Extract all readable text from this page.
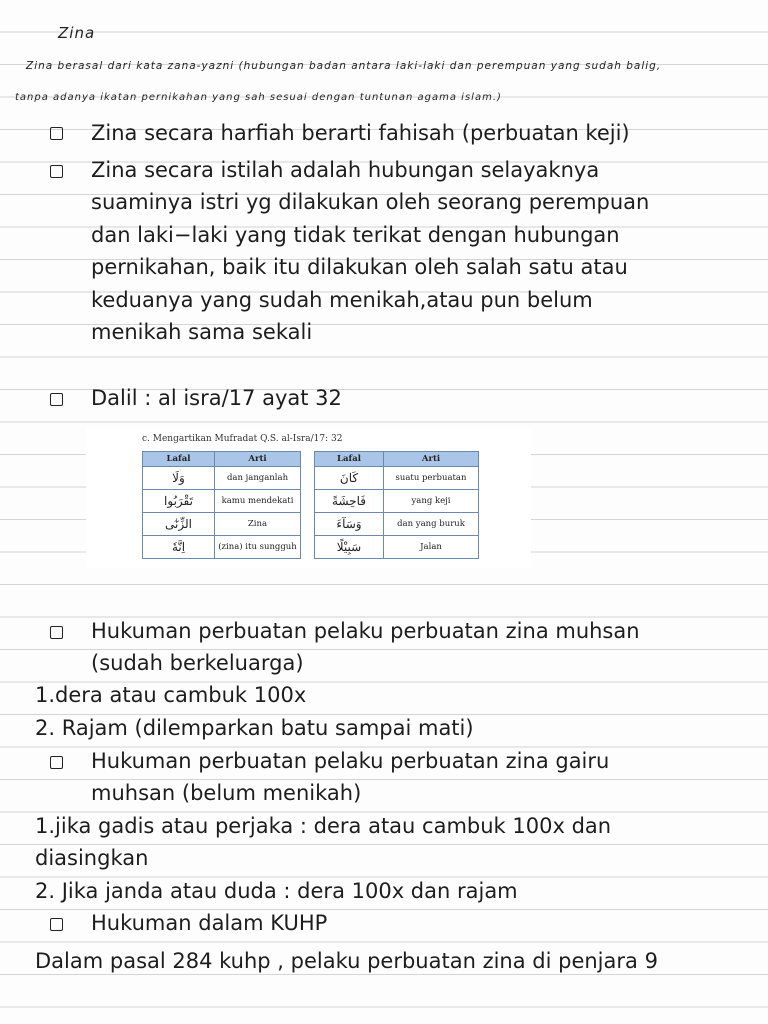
Zina
Zina berasal dari kata zana-yazni (hubungan badan antara laki-laki dan perempuan yang sudah balig,
tanpa adanya ikatan pernikahan yang sah sesuai dengan tuntunan agama islam.)
Zina secara harfiah berarti fahisah (perbuatan keji)
Zina secara istilah adalah hubungan selayaknya
suaminya istri yg dilakukan oleh seorang perempuan
dan laki−laki yang tidak terikat dengan hubungan
pernikahan, baik itu dilakukan oleh salah satu atau
keduanya yang sudah menikah,atau pun belum
menikah sama sekali
Dalil : al isra/17 ayat 32
c. Mengartikan Mufradat Q.S. al-Isra/17: 32
Lafal	Arti
وَلَا	dan janganlah
تَقْرَبُوا	kamu mendekati
الزِّنٰٓى	Zina
اِنَّهٗ	(zina) itu sungguh
Lafal	Arti
كَانَ	suatu perbuatan
فَاحِشَةً	yang keji
وَسَآءَ	dan yang buruk
سَبِيْلًا	Jalan
Hukuman perbuatan pelaku perbuatan zina muhsan
(sudah berkeluarga)
1.dera atau cambuk 100x
2. Rajam (dilemparkan batu sampai mati)
Hukuman perbuatan pelaku perbuatan zina gairu
muhsan (belum menikah)
1.jika gadis atau perjaka : dera atau cambuk 100x dan
diasingkan
2. Jika janda atau duda : dera 100x dan rajam
Hukuman dalam KUHP
Dalam pasal 284 kuhp , pelaku perbuatan zina di penjara 9
